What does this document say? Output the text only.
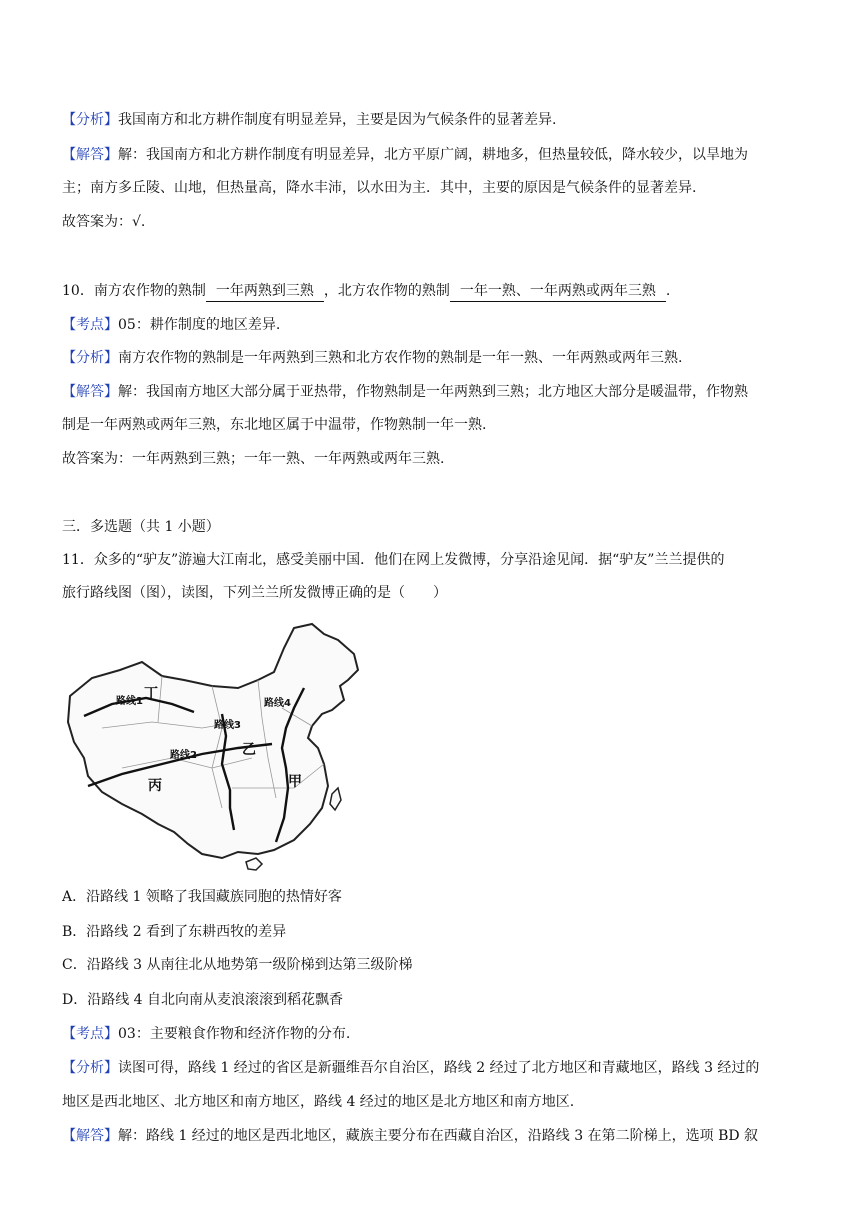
【分析】我国南方和北方耕作制度有明显差异，主要是因为气候条件的显著差异.
【解答】解：我国南方和北方耕作制度有明显差异，北方平原广阔，耕地多，但热量较低，降水较少，以旱地为
主；南方多丘陵、山地，但热量高，降水丰沛，以水田为主．其中，主要的原因是气候条件的显著差异.
故答案为：√.
10．南方农作物的熟制 一年两熟到三熟 ，北方农作物的熟制 一年一熟、一年两熟或两年三熟 .
【考点】05：耕作制度的地区差异.
【分析】南方农作物的熟制是一年两熟到三熟和北方农作物的熟制是一年一熟、一年两熟或两年三熟.
【解答】解：我国南方地区大部分属于亚热带，作物熟制是一年两熟到三熟；北方地区大部分是暖温带，作物熟
制是一年两熟或两年三熟，东北地区属于中温带，作物熟制一年一熟.
故答案为：一年两熟到三熟；一年一熟、一年两熟或两年三熟.
三．多选题（共 1 小题）
11．众多的“驴友”游遍大江南北，感受美丽中国．他们在网上发微博，分享沿途见闻．据“驴友”兰兰提供的
旅行路线图（图），读图，下列兰兰所发微博正确的是（　　）
路线1
路线2
路线3
路线4
丁
丙
乙
甲
A．沿路线 1 领略了我国藏族同胞的热情好客
B．沿路线 2 看到了东耕西牧的差异
C．沿路线 3 从南往北从地势第一级阶梯到达第三级阶梯
D．沿路线 4 自北向南从麦浪滚滚到稻花飘香
【考点】03：主要粮食作物和经济作物的分布.
【分析】读图可得，路线 1 经过的省区是新疆维吾尔自治区，路线 2 经过了北方地区和青藏地区，路线 3 经过的
地区是西北地区、北方地区和南方地区，路线 4 经过的地区是北方地区和南方地区.
【解答】解：路线 1 经过的地区是西北地区，藏族主要分布在西藏自治区，沿路线 3 在第二阶梯上，选项 BD 叙
